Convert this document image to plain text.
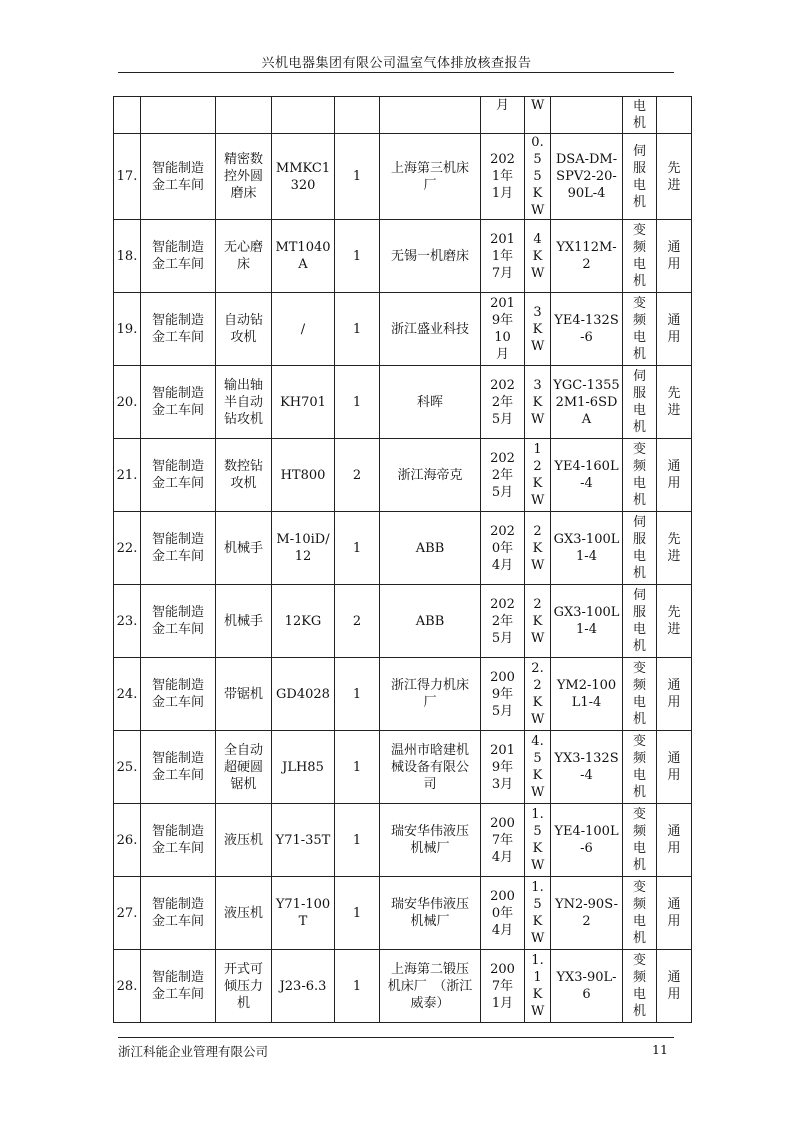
兴机电器集团有限公司温室气体排放核查报告
						月	W		电机	
17.	智能制造金工车间	精密数控外圆磨床	MMKC1320	1	上海第三机床厂	2021年1月	0.55KW	DSA-DM-SPV2-20-90L-4	伺服电机	先进
18.	智能制造金工车间	无心磨床	MT1040A	1	无锡一机磨床	2011年7月	4KW	YX112M-2	变频电机	通用
19.	智能制造金工车间	自动钻攻机	/	1	浙江盛业科技	2019年10月	3KW	YE4-132S-6	变频电机	通用
20.	智能制造金工车间	输出轴半自动钻攻机	KH701	1	科晖	2022年5月	3KW	YGC-13552M1-6SDA	伺服电机	先进
21.	智能制造金工车间	数控钻攻机	HT800	2	浙江海帝克	2022年5月	12KW	YE4-160L-4	变频电机	通用
22.	智能制造金工车间	机械手	M-10iD/12	1	ABB	2020年4月	2KW	GX3-100L1-4	伺服电机	先进
23.	智能制造金工车间	机械手	12KG	2	ABB	2022年5月	2KW	GX3-100L1-4	伺服电机	先进
24.	智能制造金工车间	带锯机	GD4028	1	浙江得力机床厂	2009年5月	2.2KW	YM2-100L1-4	变频电机	通用
25.	智能制造金工车间	全自动超硬圆锯机	JLH85	1	温州市晗建机械设备有限公司	2019年3月	4.5KW	YX3-132S-4	变频电机	通用
26.	智能制造金工车间	液压机	Y71-35T	1	瑞安华伟液压机械厂	2007年4月	1.5KW	YE4-100L-6	变频电机	通用
27.	智能制造金工车间	液压机	Y71-100T	1	瑞安华伟液压机械厂	2000年4月	1.5KW	YN2-90S-2	变频电机	通用
28.	智能制造金工车间	开式可倾压力机	J23-6.3	1	上海第二锻压机床厂　（浙江威泰）	2007年1月	1.1KW	YX3-90L-6	变频电机	通用
浙江科能企业管理有限公司	11
